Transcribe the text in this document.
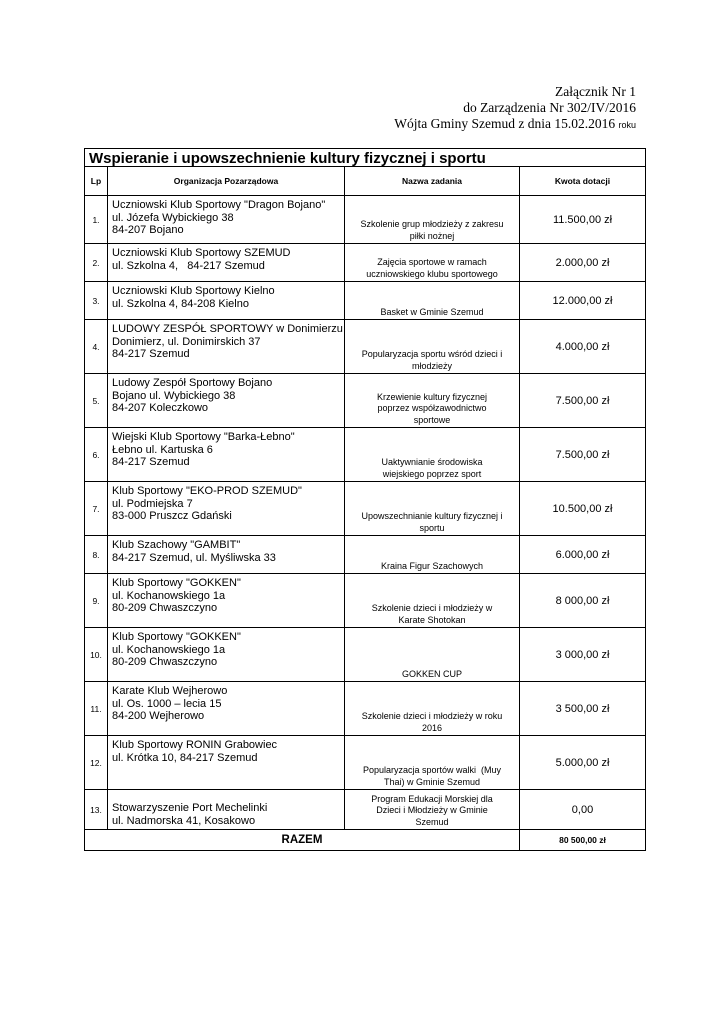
Załącznik Nr 1
do Zarządzenia Nr 302/IV/2016
Wójta Gminy Szemud z dnia 15.02.2016 roku
Wspieranie i upowszechnienie kultury fizycznej i sportu			
Lp	Organizacja Pozarządowa	Nazwa zadania	Kwota dotacji
1.	Uczniowski Klub Sportowy "Dragon Bojano"
ul. Józefa Wybickiego 38
84-207 Bojano	Szkolenie grup młodzieży z zakresu
piłki nożnej	11.500,00 zł
2.	Uczniowski Klub Sportowy SZEMUD
ul. Szkolna 4,   84-217 Szemud	Zajęcia sportowe w ramach
uczniowskiego klubu sportowego	2.000,00 zł
3.	Uczniowski Klub Sportowy Kielno
ul. Szkolna 4, 84-208 Kielno	Basket w Gminie Szemud	12.000,00 zł
4.	LUDOWY ZESPÓŁ SPORTOWY w Donimierzu
Donimierz, ul. Donimirskich 37
84-217 Szemud	Popularyzacja sportu wśród dzieci i
młodzieży	4.000,00 zł
5.	Ludowy Zespół Sportowy Bojano
Bojano ul. Wybickiego 38
84-207 Koleczkowo	Krzewienie kultury fizycznej
poprzez współzawodnictwo
sportowe	7.500,00 zł
6.	Wiejski Klub Sportowy "Barka-Łebno"
Łebno ul. Kartuska 6
84-217 Szemud	Uaktywnianie środowiska
wiejskiego poprzez sport	7.500,00 zł
7.	Klub Sportowy "EKO-PROD SZEMUD"
ul. Podmiejska 7
83-000 Pruszcz Gdański	Upowszechnianie kultury fizycznej i
sportu	10.500,00 zł
8.	Klub Szachowy "GAMBIT"
84-217 Szemud, ul. Myśliwska 33	Kraina Figur Szachowych	6.000,00 zł
9.	Klub Sportowy "GOKKEN"
ul. Kochanowskiego 1a
80-209 Chwaszczyno	Szkolenie dzieci i młodzieży w
Karate Shotokan	8 000,00 zł
10.	Klub Sportowy "GOKKEN"
ul. Kochanowskiego 1a
80-209 Chwaszczyno	GOKKEN CUP	3 000,00 zł
11.	Karate Klub Wejherowo
ul. Os. 1000 – lecia 15
84-200 Wejherowo	Szkolenie dzieci i młodzieży w roku
2016	3 500,00 zł
12.	Klub Sportowy RONIN Grabowiec
ul. Krótka 10, 84-217 Szemud	Popularyzacja sportów walki  (Muy
Thai) w Gminie Szemud	5.000,00 zł
13.	Stowarzyszenie Port Mechelinki
ul. Nadmorska 41, Kosakowo	Program Edukacji Morskiej dla
Dzieci i Młodzieży w Gminie
Szemud	0,00
RAZEM			80 500,00 zł
